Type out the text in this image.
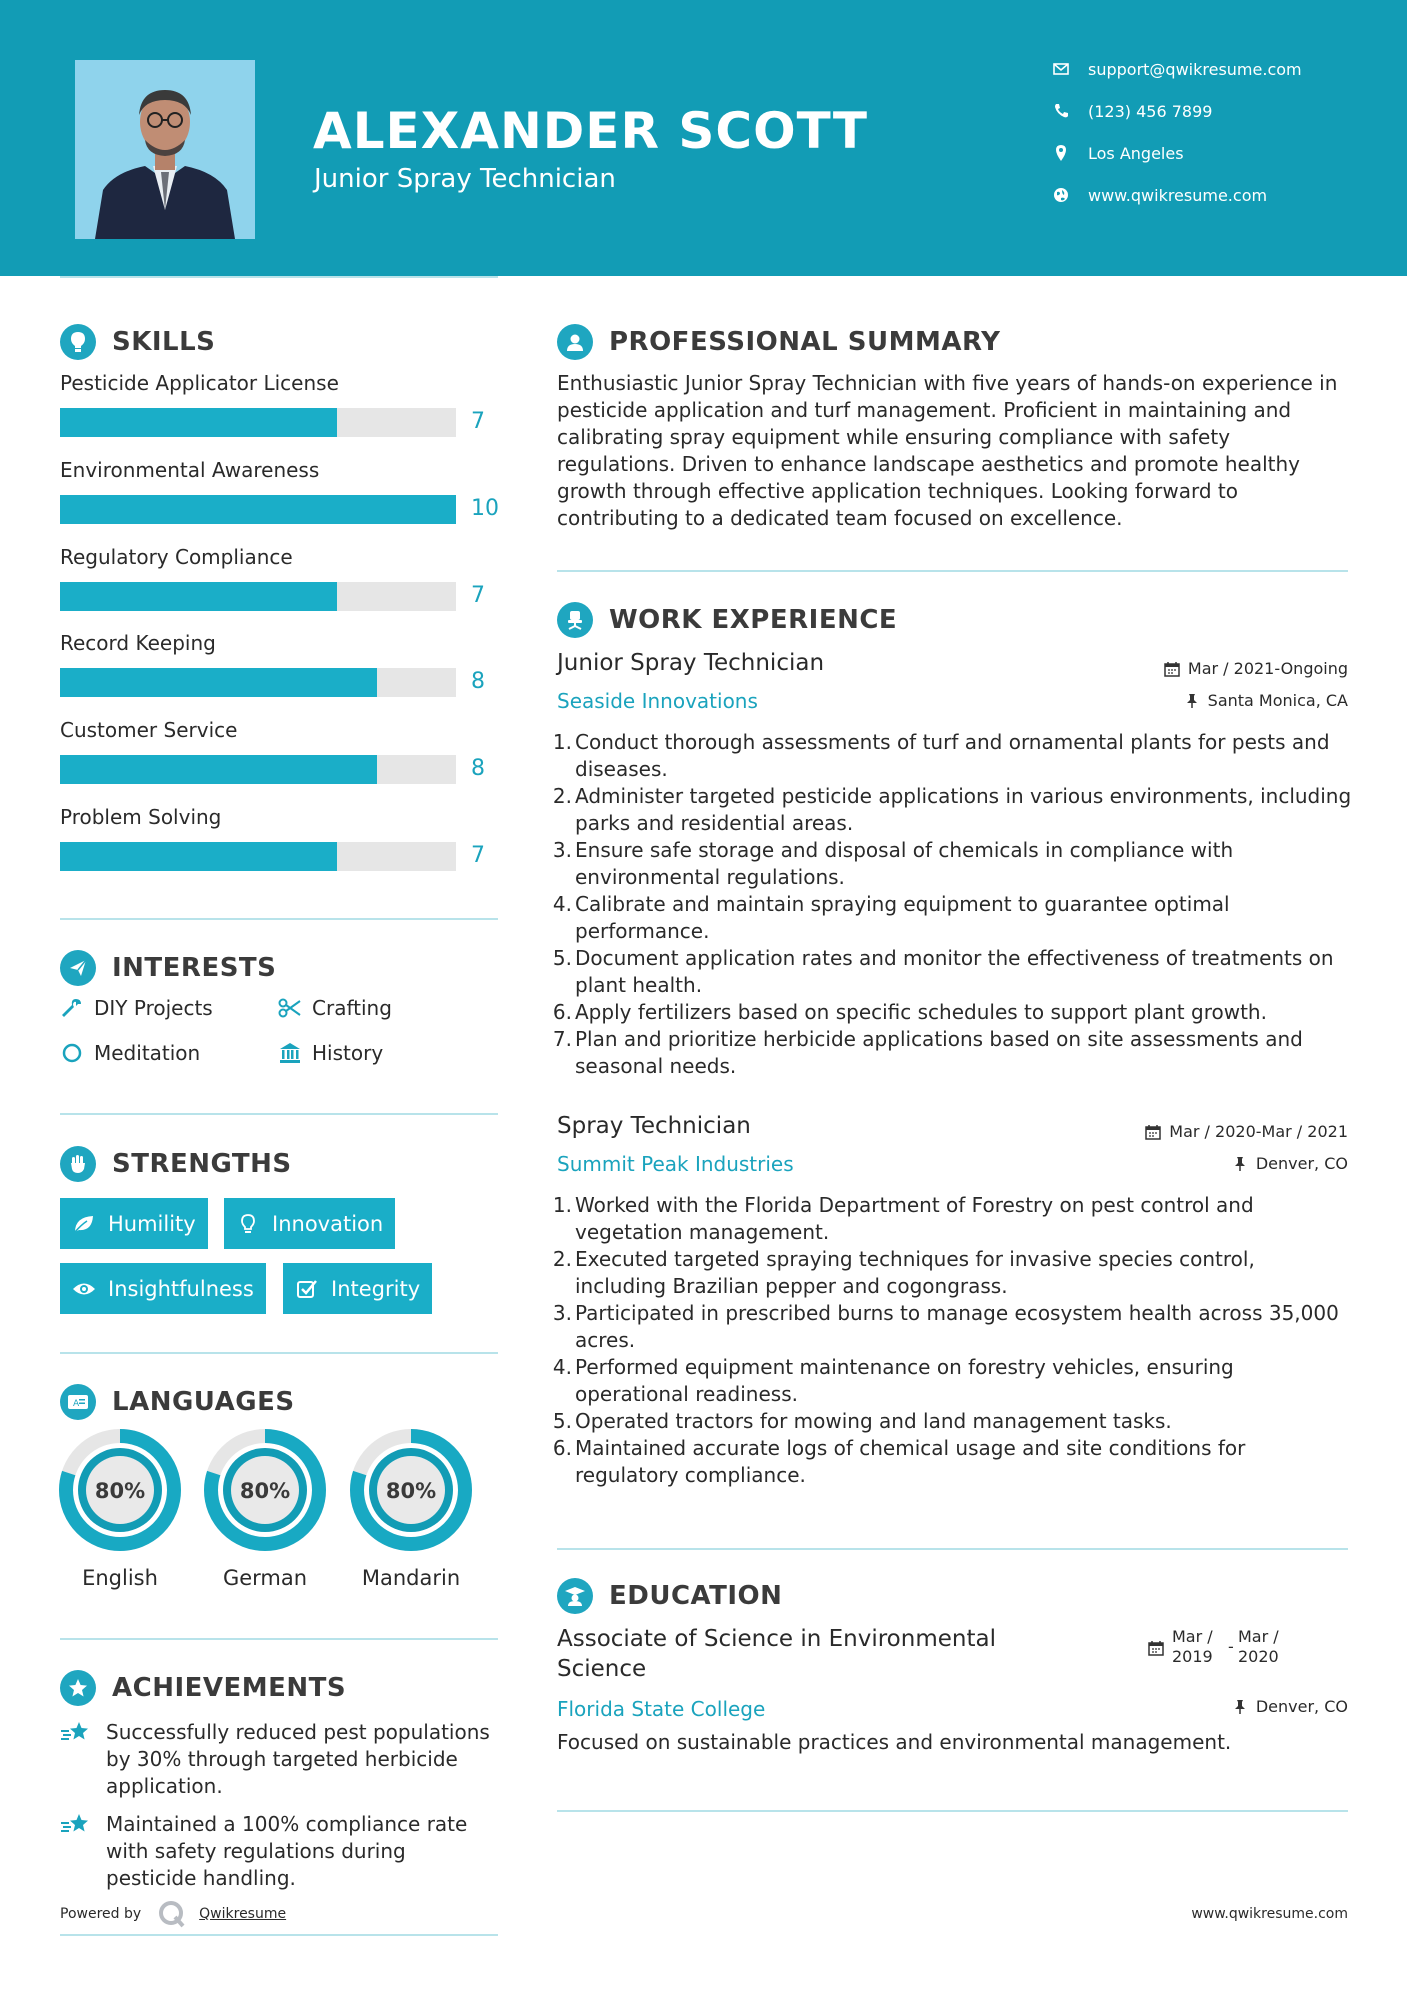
ALEXANDER SCOTT
Junior Spray Technician
support@qwikresume.com
(123) 456 7899
Los Angeles
www.qwikresume.com
SKILLS
Pesticide Applicator License
7
Environmental Awareness
10
Regulatory Compliance
7
Record Keeping
8
Customer Service
8
Problem Solving
7
INTERESTS
DIY Projects	Crafting
Meditation	History
STRENGTHS
Humility	Innovation
Insightfulness	Integrity
A LANGUAGES
80%
English
80%
German
80%
Mandarin
ACHIEVEMENTS
Successfully reduced pest populations by 30% through targeted herbicide application.
Maintained a 100% compliance rate with safety regulations during pesticide handling.
Powered by	Qwikresume
PROFESSIONAL SUMMARY
Enthusiastic Junior Spray Technician with five years of hands-on experience in pesticide application and turf management. Proficient in maintaining and calibrating spray equipment while ensuring compliance with safety regulations. Driven to enhance landscape aesthetics and promote healthy growth through effective application techniques. Looking forward to contributing to a dedicated team focused on excellence.
WORK EXPERIENCE
Junior Spray Technician	Mar / 2021-Ongoing
Seaside Innovations	Santa Monica, CA
1. Conduct thorough assessments of turf and ornamental plants for pests and diseases.
2. Administer targeted pesticide applications in various environments, including parks and residential areas.
3. Ensure safe storage and disposal of chemicals in compliance with environmental regulations.
4. Calibrate and maintain spraying equipment to guarantee optimal performance.
5. Document application rates and monitor the effectiveness of treatments on plant health.
6. Apply fertilizers based on specific schedules to support plant growth.
7. Plan and prioritize herbicide applications based on site assessments and seasonal needs.
Spray Technician	Mar / 2020-Mar / 2021
Summit Peak Industries	Denver, CO
1. Worked with the Florida Department of Forestry on pest control and vegetation management.
2. Executed targeted spraying techniques for invasive species control, including Brazilian pepper and cogongrass.
3. Participated in prescribed burns to manage ecosystem health across 35,000 acres.
4. Performed equipment maintenance on forestry vehicles, ensuring operational readiness.
5. Operated tractors for mowing and land management tasks.
6. Maintained accurate logs of chemical usage and site conditions for regulatory compliance.
EDUCATION
Associate of Science in Environmental Science
Mar / 2019
-
Mar / 2020
Florida State College	Denver, CO
Focused on sustainable practices and environmental management.
www.qwikresume.com
